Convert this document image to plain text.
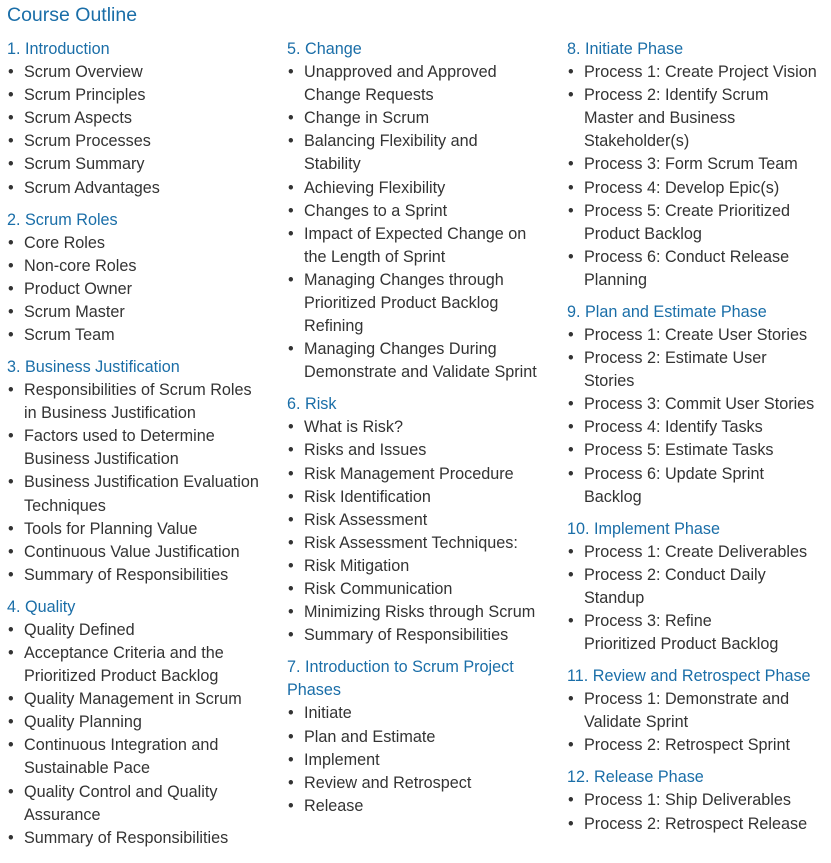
Course Outline
1. Introduction
• Scrum Overview
• Scrum Principles
• Scrum Aspects
• Scrum Processes
• Scrum Summary
• Scrum Advantages
2. Scrum Roles
• Core Roles
• Non-core Roles
• Product Owner
• Scrum Master
• Scrum Team
3. Business Justification
• Responsibilities of Scrum Roles
in Business Justification
• Factors used to Determine
Business Justification
• Business Justification Evaluation
Techniques
• Tools for Planning Value
• Continuous Value Justification
• Summary of Responsibilities
4. Quality
• Quality Defined
• Acceptance Criteria and the
Prioritized Product Backlog
• Quality Management in Scrum
• Quality Planning
• Continuous Integration and
Sustainable Pace
• Quality Control and Quality
Assurance
• Summary of Responsibilities
5. Change
• Unapproved and Approved
Change Requests
• Change in Scrum
• Balancing Flexibility and
Stability
• Achieving Flexibility
• Changes to a Sprint
• Impact of Expected Change on
the Length of Sprint
• Managing Changes through
Prioritized Product Backlog
Refining
• Managing Changes During
Demonstrate and Validate Sprint
6. Risk
• What is Risk?
• Risks and Issues
• Risk Management Procedure
• Risk Identification
• Risk Assessment
• Risk Assessment Techniques:
• Risk Mitigation
• Risk Communication
• Minimizing Risks through Scrum
• Summary of Responsibilities
7. Introduction to Scrum Project
Phases
• Initiate
• Plan and Estimate
• Implement
• Review and Retrospect
• Release
8. Initiate Phase
• Process 1: Create Project Vision
• Process 2: Identify Scrum
Master and Business
Stakeholder(s)
• Process 3: Form Scrum Team
• Process 4: Develop Epic(s)
• Process 5: Create Prioritized
Product Backlog
• Process 6: Conduct Release
Planning
9. Plan and Estimate Phase
• Process 1: Create User Stories
• Process 2: Estimate User
Stories
• Process 3: Commit User Stories
• Process 4: Identify Tasks
• Process 5: Estimate Tasks
• Process 6: Update Sprint
Backlog
10. Implement Phase
• Process 1: Create Deliverables
• Process 2: Conduct Daily
Standup
• Process 3: Refine
Prioritized Product Backlog
11. Review and Retrospect Phase
• Process 1: Demonstrate and
Validate Sprint
• Process 2: Retrospect Sprint
12. Release Phase
• Process 1: Ship Deliverables
• Process 2: Retrospect Release
